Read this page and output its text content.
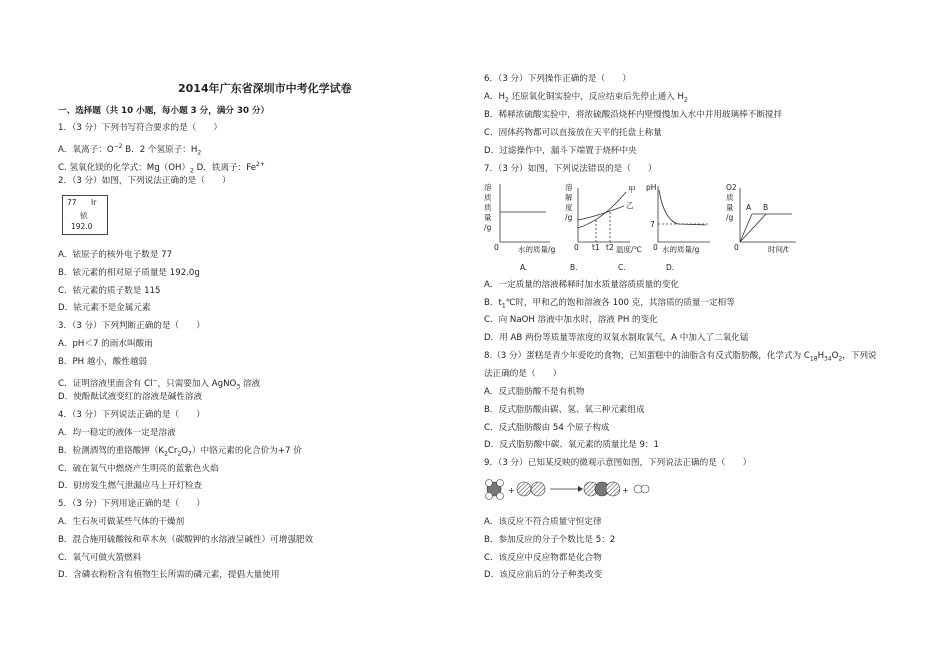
2014年广东省深圳市中考化学试卷
一、选择题（共 10 小题，每小题 3 分，满分 30 分）
1．（3 分）下列书写符合要求的是（　　）
A．氧离子：$O^{-2}$ B．2 个氢原子：$H_2$
C. 氢氧化镁的化学式：$Mg(OH)_2$ D．铁离子：$Fe^{2+}$
2．（3 分）如图，下列说法正确的是（　　）
77 Ir
铱
192.0
A．铱原子的核外电子数是 77
B．铱元素的相对原子质量是 192.0g
C．铱元素的质子数是 115
D．铱元素不是金属元素
3．（3 分）下列判断正确的是（　　）
A．pH＜7 的雨水叫酸雨
B．PH 越小，酸性越弱
C．证明溶液里面含有 Cl−，只需要加入 AgNO$_3$ 溶液
D．使酚酞试液变红的溶液是碱性溶液
4．（3 分）下列说法正确的是（　　）
A．均一稳定的液体一定是溶液
B．检测酒驾的重铬酸钾$(K_2Cr_2O_7)$中铬元素的化合价为+7 价
C．硫在氧气中燃烧产生明亮的蓝紫色火焰
D．厨房发生燃气泄漏应马上开灯检查
5．（3 分）下列用途正确的是（　　）
A．生石灰可做某些气体的干燥剂
B．混合施用硫酸铵和草木灰（碳酸钾的水溶液呈碱性）可增强肥效
C．氧气可做火箭燃料
D．含磷衣粉粉含有植物生长所需的磷元素，提倡大量使用
6．（3 分）下列操作正确的是（　　）
A．$H_2$ 还原氧化铜实验中，反应结束后先停止通入 $H_2$
B．稀释浓硫酸实验中，将浓硫酸沿烧杯内壁慢慢加入水中并用玻璃棒不断搅拌
C．固体药物都可以直接放在天平的托盘上称量
D．过滤操作中，漏斗下端置于烧杯中央
7．（3 分）如图，下列说法错误的是（　　）
溶
质
质
量
/g
0	水的质量/g
溶
解
度
/g
甲
乙
0 t1 t2 温度/℃
pH
7
0 水的质量/g
O2
质
量
/g
A B
0	时间/t
A.	B.	C.	D.
A．一定质量的溶液稀释时加水质量溶质质量的变化
B．$t_1℃$时，甲和乙的饱和溶液各 100 克，其溶质的质量一定相等
C．向 NaOH 溶液中加水时，溶液 PH 的变化
D．用 AB 两份等质量等浓度的双氧水制取氧气，A 中加入了二氧化锰
8.（3 分）蛋糕是青少年爱吃的食物，已知蛋糕中的油脂含有反式脂肪酸，化学式为 $C_{18}H_{34}O_2$，下列说
法正确的是（　　）
A．反式脂肪酸不是有机物
B．反式脂肪酸由碳、氢、氧三种元素组成
C．反式脂肪酸由 54 个原子构成
D．反式脂肪酸中碳、氧元素的质量比是 9：1
9．（3 分）已知某反映的微观示意图如图，下列说法正确的是（　　）
+	+
A．该反应不符合质量守恒定律
B．参加反应的分子个数比是 5：2
C．该反应中反应物都是化合物
D．该反应前后的分子种类改变
